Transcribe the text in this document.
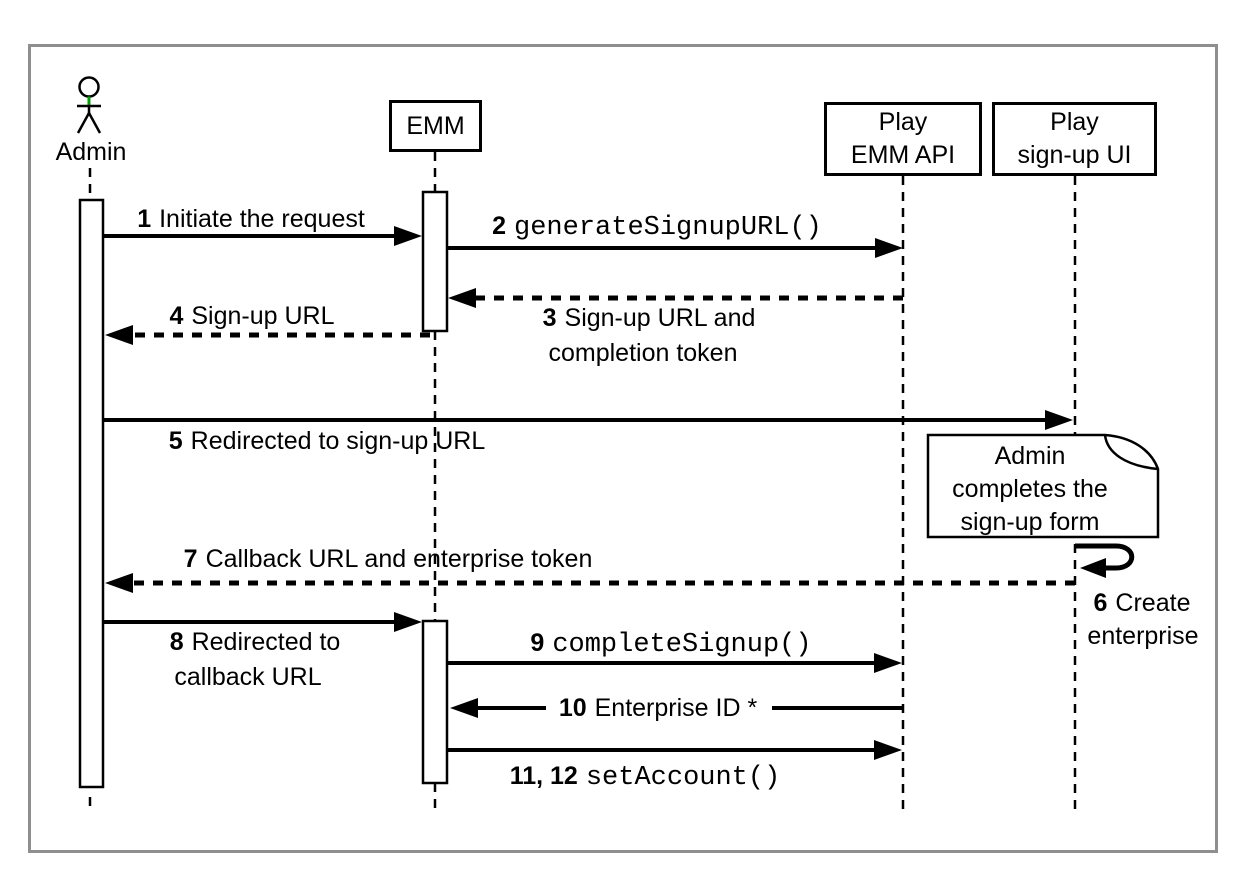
Admin
EMM	Play
EMM API
Play
sign-up UI
Admin
completes the
sign-up form
1 Initiate the request	2 generateSignupURL()
3 Sign-up URL and
completion token
4 Sign-up URL
5 Redirected to sign-up URL
6 Create
enterprise
7 Callback URL and enterprise token
8 Redirected to
callback URL
9 completeSignup()
10 Enterprise ID *
11, 12 setAccount()
